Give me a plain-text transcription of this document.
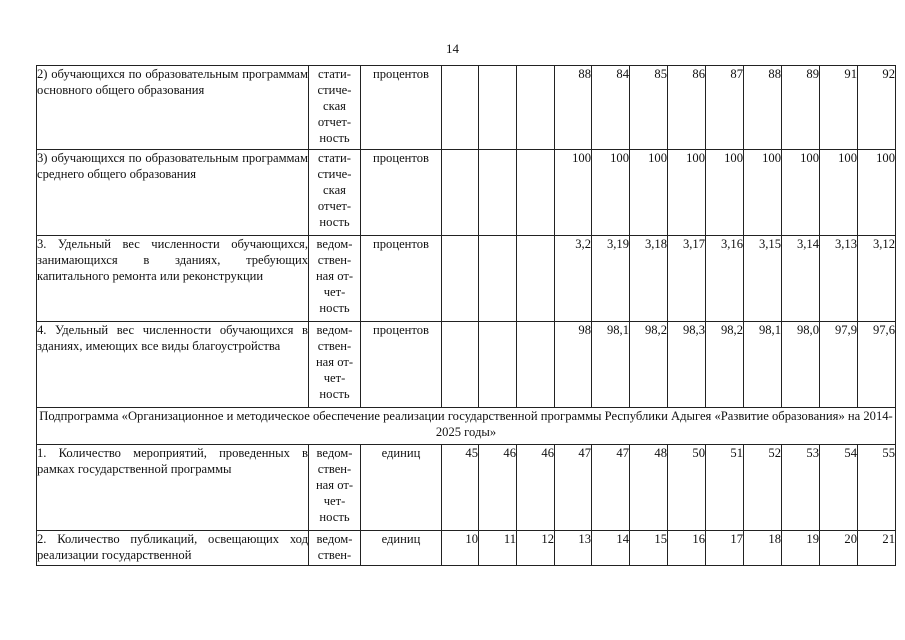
14
2) обучающихся по образовательным программам основного общего образования	стати-
стиче-
ская
отчет-
ность	процентов				88	84	85	86	87	88	89	91	92
3) обучающихся по образовательным программам среднего общего образования	стати-
стиче-
ская
отчет-
ность	процентов				100	100	100	100	100	100	100	100	100
3. Удельный вес численности обучающихся, занимающихся в зданиях, требующих капитального ремонта или реконструкции	ведом-
ствен-
ная от-
чет-
ность	процентов				3,2	3,19	3,18	3,17	3,16	3,15	3,14	3,13	3,12
4. Удельный вес численности обучающихся в зданиях, имеющих все виды благоустройства	ведом-
ствен-
ная от-
чет-
ность	процентов				98	98,1	98,2	98,3	98,2	98,1	98,0	97,9	97,6
Подпрограмма «Организационное и методическое обеспечение реализации государственной программы Республики Адыгея «Развитие образования» на 2014-2025 годы»														
1. Количество мероприятий, проведенных в рамках государственной программы	ведом-
ствен-
ная от-
чет-
ность	единиц	45	46	46	47	47	48	50	51	52	53	54	55
2. Количество публикаций, освещающих ход реализации государственной	ведом-
ствен-	единиц	10	11	12	13	14	15	16	17	18	19	20	21
